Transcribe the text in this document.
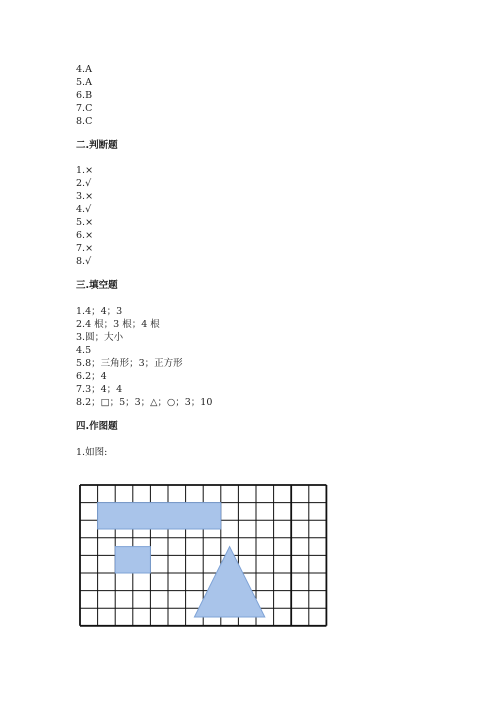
4.A
5.A
6.B
7.C
8.C
二.判断题
1.×
2.√
3.×
4.√
5.×
6.×
7.×
8.√
三.填空题
1.4；4；3
2.4 根；3 根；4 根
3.圆；大小
4.5
5.8；三角形；3；正方形
6.2；4
7.3；4；4
8.2；□；5；3；△；○；3；10
四.作图题
1.如图:
